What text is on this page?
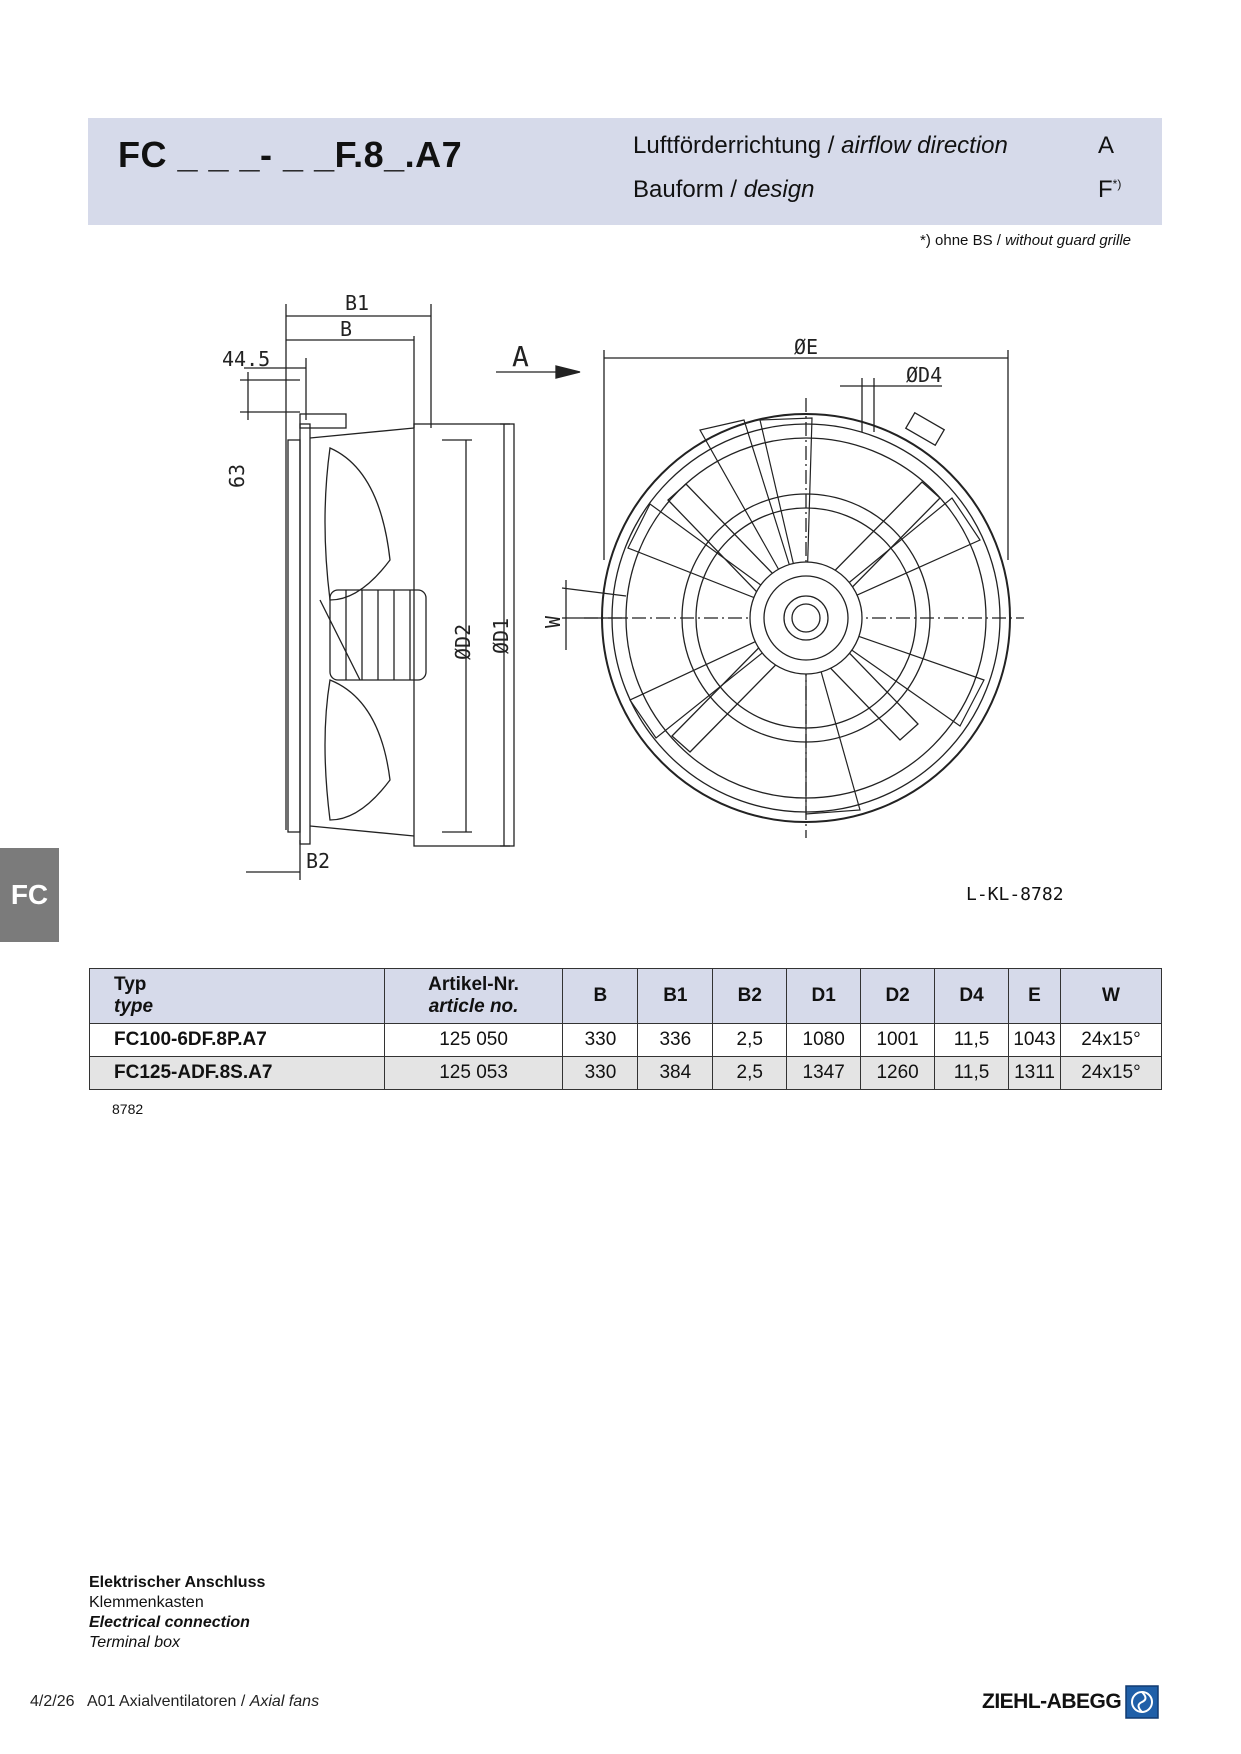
FC _ _ _- _ _F.8_.A7	Luftförderrichtung / airflow direction	A
Bauform / design	F*)
*) ohne BS / without guard grille
B1
B
44.5
63
ØD2 ØD1
B2
A	ØE
ØD4
W
FC	L-KL-8782
Typ
type	Artikel-Nr.
article no.	B	B1	B2	D1	D2	D4	E	W
FC100-6DF.8P.A7	125 050	330	336	2,5	1080	1001	11,5	1043	24x15°
FC125-ADF.8S.A7	125 053	330	384	2,5	1347	1260	11,5	1311	24x15°
8782
Elektrischer Anschluss
Klemmenkasten
Electrical connection
Terminal box
4/2/26 A01 Axialventilatoren / Axial fans	ZIEHL-ABEGG
